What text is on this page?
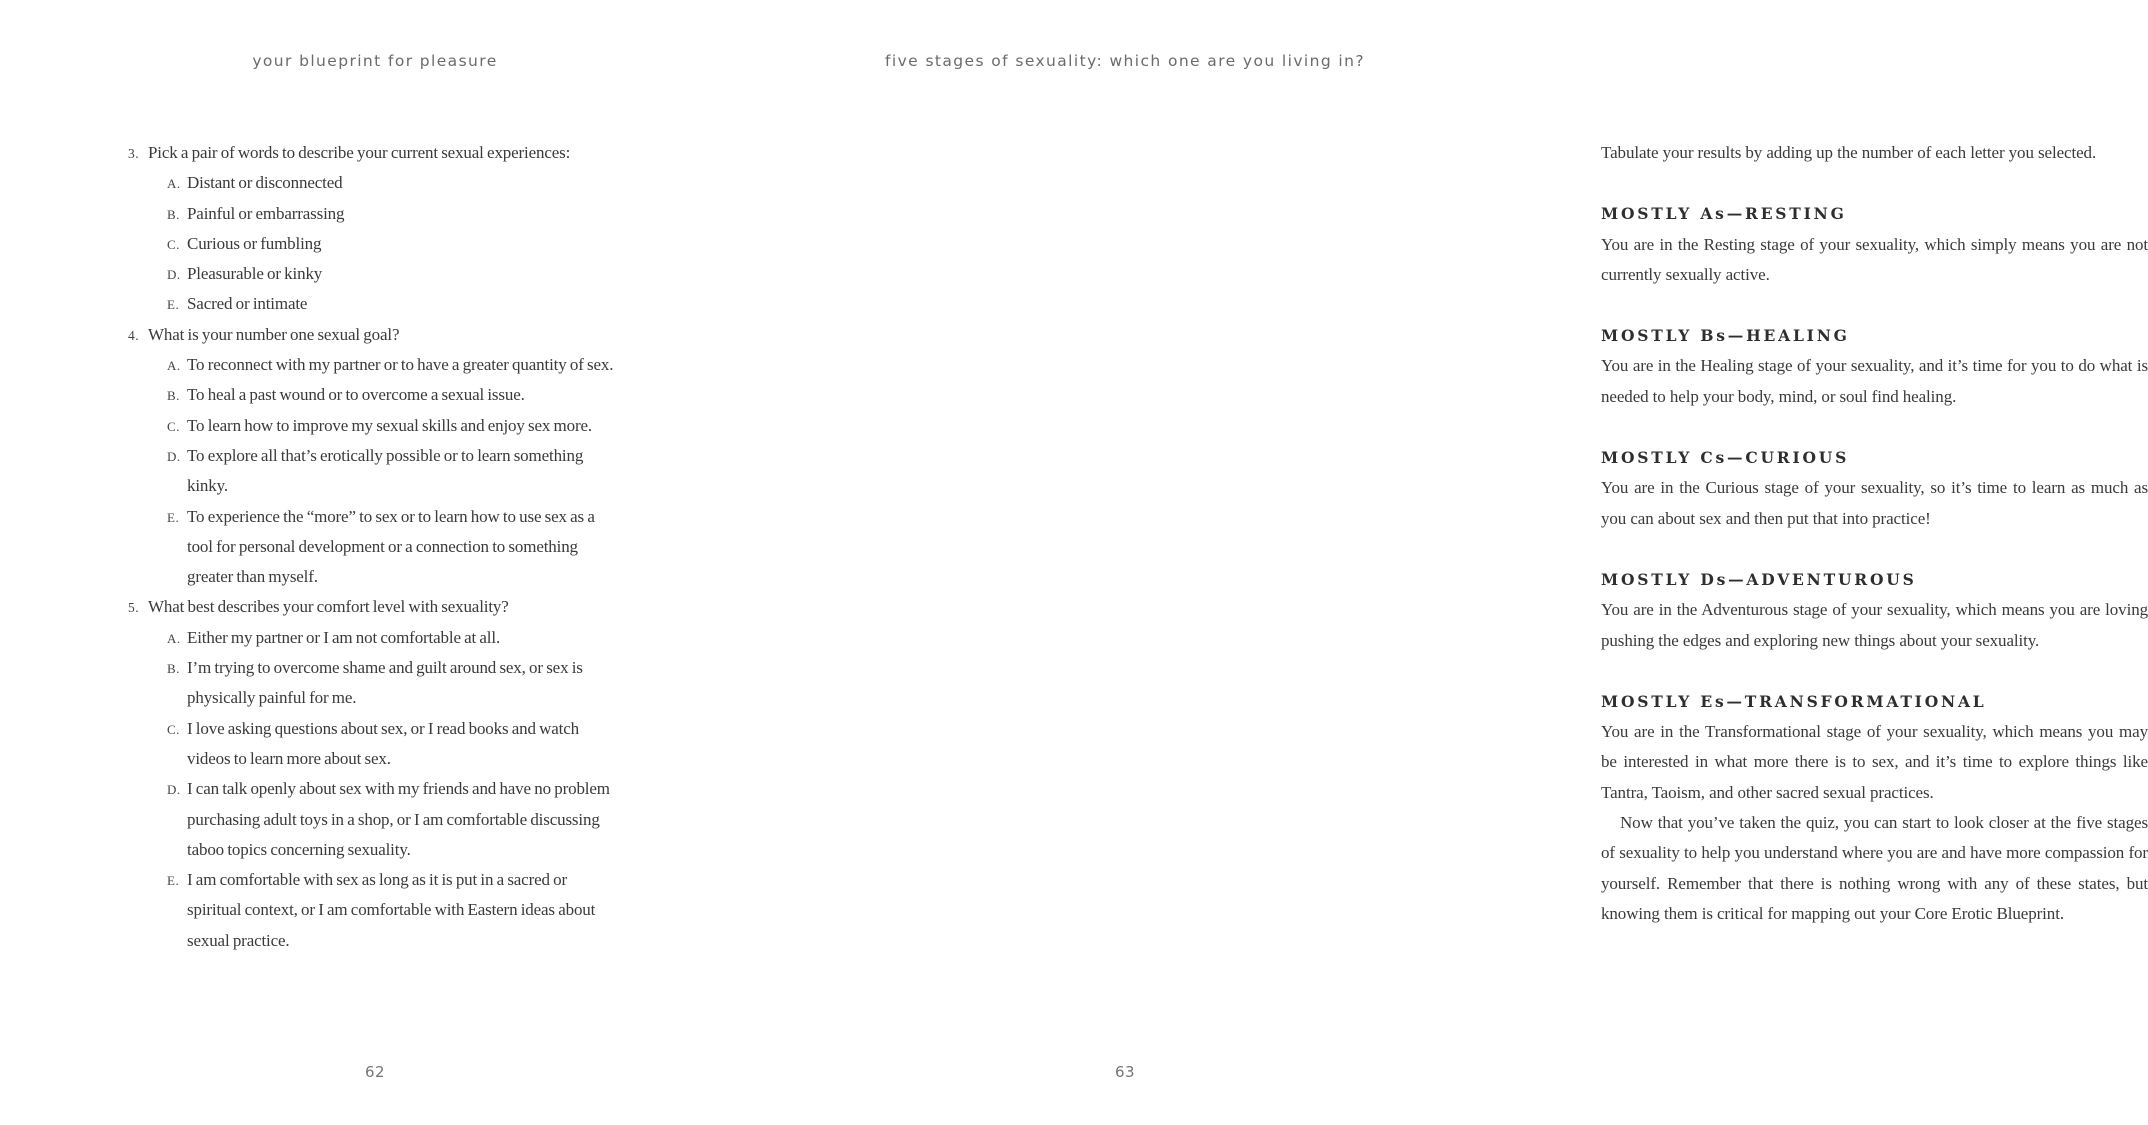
your blueprint for pleasure
3. Pick a pair of words to describe your current sexual experiences:
A. Distant or disconnected
B. Painful or embarrassing
C. Curious or fumbling
D. Pleasurable or kinky
E. Sacred or intimate
4. What is your number one sexual goal?
A. To reconnect with my partner or to have a greater quantity of sex.
B. To heal a past wound or to overcome a sexual issue.
C. To learn how to improve my sexual skills and enjoy sex more.
D. To explore all that’s erotically possible or to learn something kinky.
E. To experience the “more” to sex or to learn how to use sex as a tool for personal development or a connection to something greater than myself.
5. What best describes your comfort level with sexuality?
A. Either my partner or I am not comfortable at all.
B. I’m trying to overcome shame and guilt around sex, or sex is physically painful for me.
C. I love asking questions about sex, or I read books and watch videos to learn more about sex.
D. I can talk openly about sex with my friends and have no problem purchasing adult toys in a shop, or I am comfortable discussing taboo topics concerning sexuality.
E. I am comfortable with sex as long as it is put in a sacred or spiritual context, or I am comfortable with Eastern ideas about sexual practice.
62
five stages of sexuality: which one are you living in?
Tabulate your results by adding up the number of each letter you selected.
MOSTLY As—RESTING
You are in the Resting stage of your sexuality, which simply means you are not currently sexually active.
MOSTLY Bs—HEALING
You are in the Healing stage of your sexuality, and it’s time for you to do what is needed to help your body, mind, or soul find healing.
MOSTLY Cs—CURIOUS
You are in the Curious stage of your sexuality, so it’s time to learn as much as you can about sex and then put that into practice!
MOSTLY Ds—ADVENTUROUS
You are in the Adventurous stage of your sexuality, which means you are loving pushing the edges and exploring new things about your sexuality.
MOSTLY Es—TRANSFORMATIONAL
You are in the Transformational stage of your sexuality, which means you may be interested in what more there is to sex, and it’s time to explore things like Tantra, Taoism, and other sacred sexual practices.
Now that you’ve taken the quiz, you can start to look closer at the five stages of sexuality to help you understand where you are and have more compassion for yourself. Remember that there is nothing wrong with any of these states, but knowing them is critical for mapping out your Core Erotic Blueprint.
63
